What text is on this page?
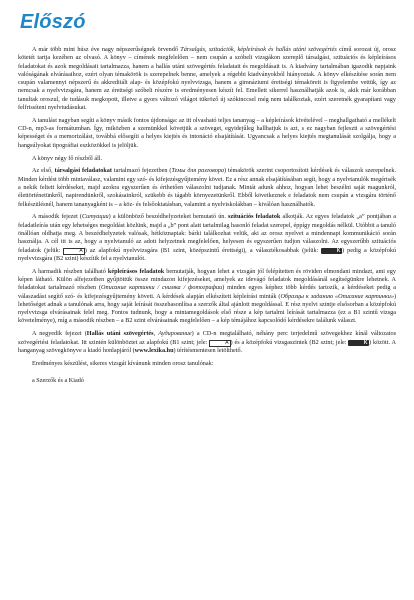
Előszó

A már több mint húsz éve nagy népszerűségnek örvendő Társalgás, szituációk, képleírások és hallás utáni szövegértés című sorozat új, orosz kötetét tartja kezében az olvasó. A könyv – címének megfelelően – nem csupán a szóbeli vizsgákon szereplő társalgási, szituációs és képleírásos feladatokat és azok megoldásait tartalmazza, hanem a hallás utáni szövegértés feladatait és megoldásait is. A kiadvány tartalmában igazodik napjaink valóságának elvárásaihoz, ezért olyan témakörök is szerepelnek benne, amelyek a régebbi kiadványokból hiányoztak. A könyv elkészítése során nem csupán valamennyi népszerű és akkreditált alap- és középfokú nyelvvizsga, hanem a gimnáziumi érettségi témaköreit is figyelembe vettük, így az nemcsak a nyelvvizsgára, hanem az érettségi szóbeli részére is eredményesen készít fel. Emellett sikerrel használhatják azok is, akik már korábban tanultak oroszul, de tudásuk megkopott, illetve a gyors változó világot tükröző új szókinccsel még nem találkoztak, ezért szeretnék gyarapítani vagy felfrissíteni nyelvtudásukat.

A tanulást nagyban segíti a könyv másik fontos újdonsága: az itt olvasható teljes tananyag – a képleírások kivételével – meghallgatható a mellékelt CD-n, mp3-as formátumban. Így, miközben a szemünkkel követjük a szöveget, egyidejűleg hallhatjuk is azt, s ez nagyban fejleszti a szövegértési képességet és a memorizálást, továbbá elősegíti a helyes kiejtés és intonáció elsajátítását. Ugyancsak a helyes kiejtés megtanulását szolgálja, hogy a hangsúlyokat tipográfiai eszközökkel is jelöljük.

A könyv négy fő részből áll.

Az első, társalgási feladatokat tartalmazó fejezetben (Темы для разговора) témakörök szerint csoportosított kérdések és válaszok szerepelnek. Minden kérdést több mintaválasz, valamint egy szó- és kifejezésgyűjtemény követ. Ez a rész annak elsajátításában segít, hogy a nyelvtanulók megértsék a nekik feltett kérdéseket, majd azokra egyszerűen és érthetően válaszolni tudjanak. Mintát adunk ahhoz, hogyan lehet beszélni saját magunkról, élettörténetünkről, napirendünkről, szokásainkról, szükebb és tágabb környezetünkről. Ebből következnek e feladatok nem csupán a vizsgára történő felkészülésnél, hanem tananyagként is – a köz- és felsőoktatásban, valamint a nyelviskolákban – kiválóan használhatók.

A második fejezet (Ситуации) a különböző beszédhelyzeteket bemutató ún. szituációs feladatok alkotják. Az egyes feladatok „a” pontjában a feladatleírás után egy lehetséges megoldást közlünk, majd a „b” pont alatt tartalmilag hasonló feladat szerepel, éppígy megoldás nélkül. Utóbbit a tanuló önállóan oldhatja meg. A beszédhelyzetek valósak, hétköznapiak: bárki találkozhat velük, aki az orosz nyelvet a mindennapi kommunikáció során használja. A cél itt is az, hogy a nyelvtanuló az adott helyzetnek megfelelően, helyesen és egyszerűen tudjon válaszolni. Az egyszerűbb szituációs feladatok (jelük:	A ) az alapfokú nyelvvizsgára (B1 szint, középszintű érettségi), a választékosabbak (jelük:	K ) pedig a középfokú nyelvvizsgára (B2 szint) készítik fel a nyelvtanulót.

A harmadik részben található képleírásos feladatok bemutatják, hogyan lehet a vizsgán jól felépítetten és röviden elmondani mindazt, ami egy képen látható. Külön alfejezetben gyűjtöttük össze mindazon kifejezéseket, amelyek az idevágó feladatok megoldásánál segítségünkre lehetnek. A feladatokat tartalmazó részben (Описание картинки / снимка / фотографии) minden egyes képhez több kérdés tartozik, a kérdéseket pedig a válaszadást segítő szó- és kifejezésgyűjtemény követi. A kérdések alapján elkészített képleírási minták (Образцы к заданию «Описание картинки») lehetőséget adnak a tanulónak arra, hogy saját leírását összehasonlítsa a szerzők által ajánlott megoldással. E rész nyelvi szintje elsősorban a középfokú nyelvvizsga elvárásainak felel meg. Fontos tudnunk, hogy a mintamegoldások első része a kép tartalmi leírását tartalmazza (ez a B1 szintű vizsga követelménye), míg a második részben – a B2 szint elvárásainak megfelelően – a kép témájához kapcsolódó kérdésekre találunk választ.

A negyedik fejezet (Hallás utáni szövegértés, Аудирование) a CD-n megtalálható, néhány perc terjedelmű szövegekhez kínál változatos szövegértési feladatokat. Itt szintén különböztet az alapfokú (B1 szint; jele:	A ) és a középfokú vizsgaszintek (B2 szint; jele:	K ) között. A hanganyag szövegkönyve a kiadó honlapjáról (www.lexika.hu) térítésmentesen letölthető.

Eredményes készülést, sikeres vizsgát kívánunk minden orosz tanulónak:

a Szerzők és a Kiadó
